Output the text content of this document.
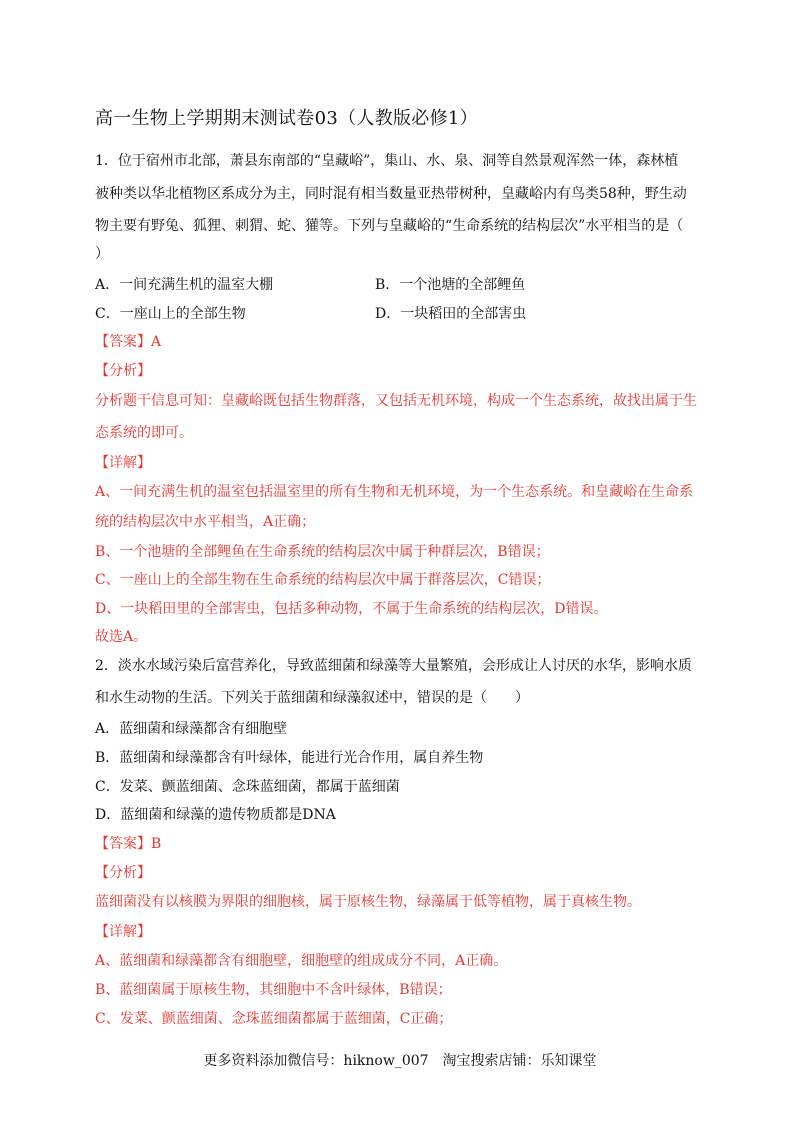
高一生物上学期期末测试卷03（人教版必修1）
1．位于宿州市北部，萧县东南部的“皇藏峪”，集山、水、泉、洞等自然景观浑然一体，森林植
被种类以华北植物区系成分为主，同时混有相当数量亚热带树种，皇藏峪内有鸟类58种，野生动
物主要有野兔、狐狸、刺猬、蛇、獾等。下列与皇藏峪的“生命系统的结构层次”水平相当的是（
）
A．一间充满生机的温室大棚	B．一个池塘的全部鲤鱼
C．一座山上的全部生物	D．一块稻田的全部害虫
【答案】A
【分析】
分析题干信息可知：皇藏峪既包括生物群落，又包括无机环境，构成一个生态系统，故找出属于生
态系统的即可。
【详解】
A、一间充满生机的温室包括温室里的所有生物和无机环境，为一个生态系统。和皇藏峪在生命系
统的结构层次中水平相当，A正确；
B、一个池塘的全部鲤鱼在生命系统的结构层次中属于种群层次，B错误；
C、一座山上的全部生物在生命系统的结构层次中属于群落层次，C错误；
D、一块稻田里的全部害虫，包括多种动物，不属于生命系统的结构层次，D错误。
故选A。
2．淡水水域污染后富营养化，导致蓝细菌和绿藻等大量繁殖，会形成让人讨厌的水华，影响水质
和水生动物的生活。下列关于蓝细菌和绿藻叙述中，错误的是（　　）
A．蓝细菌和绿藻都含有细胞壁
B．蓝细菌和绿藻都含有叶绿体，能进行光合作用，属自养生物
C．发菜、颤蓝细菌、念珠蓝细菌，都属于蓝细菌
D．蓝细菌和绿藻的遗传物质都是DNA
【答案】B
【分析】
蓝细菌没有以核膜为界限的细胞核，属于原核生物，绿藻属于低等植物，属于真核生物。
【详解】
A、蓝细菌和绿藻都含有细胞壁，细胞壁的组成成分不同，A正确。
B、蓝细菌属于原核生物，其细胞中不含叶绿体，B错误；
C、发菜、颤蓝细菌、念珠蓝细菌都属于蓝细菌，C正确；
更多资料添加微信号：hiknow_007　淘宝搜索店铺：乐知课堂
